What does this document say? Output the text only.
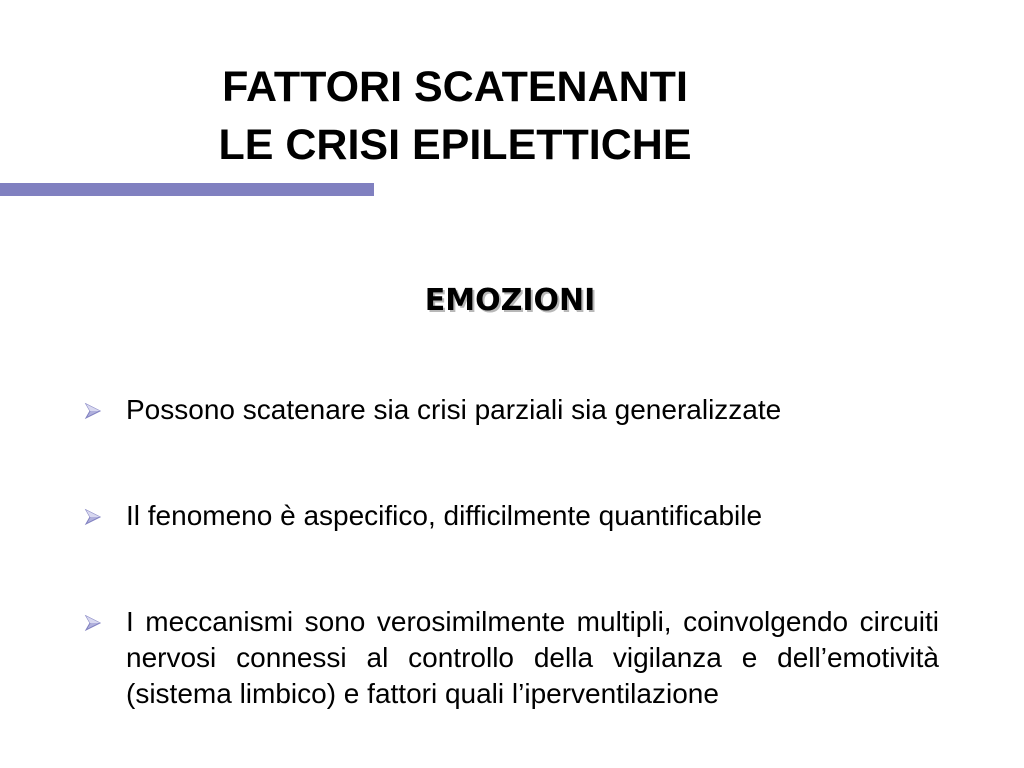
FATTORI SCATENANTI
LE CRISI EPILETTICHE
EMOZIONI
Possono scatenare sia crisi parziali sia generalizzate
Il fenomeno è aspecifico, difficilmente quantificabile
I meccanismi sono verosimilmente multipli, coinvolgendo circuiti nervosi connessi al controllo della vigilanza e dell’emotività (sistema limbico) e fattori quali l’iperventilazione
